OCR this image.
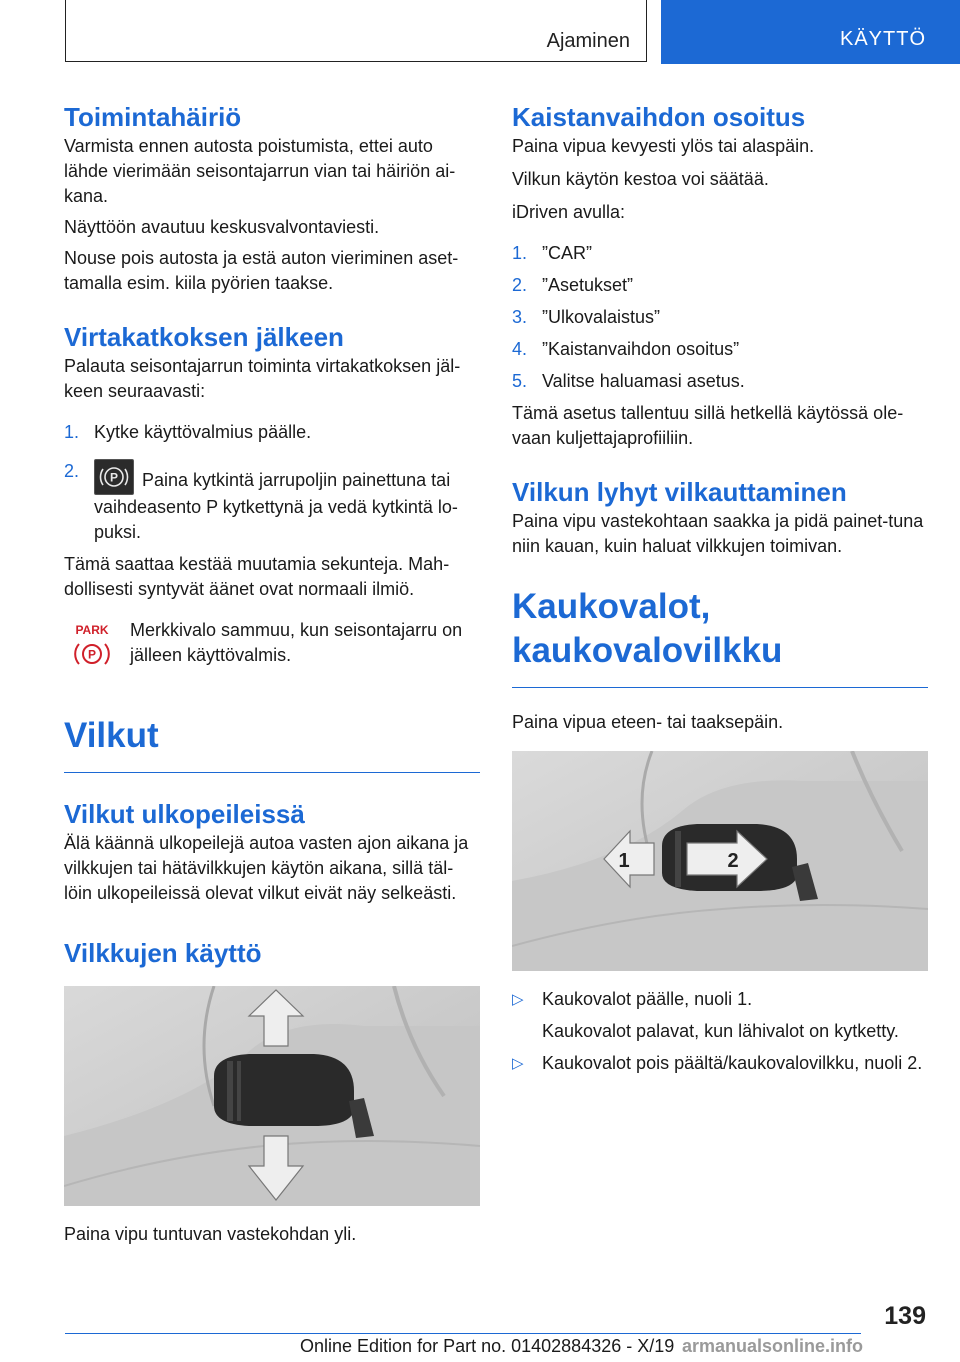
Ajaminen	KÄYTTÖ
Toimintahäiriö

Varmista ennen autosta poistumista, ettei auto lähde vierimään seisontajarrun vian tai häiriön ai-kana.

Näyttöön avautuu keskusvalvontaviesti.

Nouse pois autosta ja estä auton vieriminen aset-tamalla esim. kiila pyörien taakse.

Virtakatkoksen jälkeen

Palauta seisontajarrun toiminta virtakatkoksen jäl-keen seuraavasti:

1. Kytke käyttövalmius päälle.
2.	P Paina kytkintä jarrupoljin painettuna tai vaihdeasento P kytkettynä ja vedä kytkintä lo-puksi.

Tämä saattaa kestää muutamia sekunteja. Mah-dollisesti syntyvät äänet ovat normaali ilmiö.

PARK
P

Merkkivalo sammuu, kun seisontajarru on jälleen käyttövalmis.

Vilkut
Vilkut ulkopeileissä

Älä käännä ulkopeilejä autoa vasten ajon aikana ja vilkkujen tai hätävilkkujen käytön aikana, sillä täl-löin ulkopeileissä olevat vilkut eivät näy selkeästi.

Vilkkujen käyttö

Paina vipu tuntuvan vastekohdan yli.

Kaistanvaihdon osoitus

Paina vipua kevyesti ylös tai alaspäin.

Vilkun käytön kestoa voi säätää.

iDriven avulla:

1. ”CAR”
2. ”Asetukset”
3. ”Ulkovalaistus”
4. ”Kaistanvaihdon osoitus”
5. Valitse haluamasi asetus.

Tämä asetus tallentuu sillä hetkellä käytössä ole-vaan kuljettajaprofiiliin.

Vilkun lyhyt vilkauttaminen

Paina vipu vastekohtaan saakka ja pidä painet-tuna niin kauan, kuin haluat vilkkujen toimivan.

Kaukovalot, kaukovalovilkku

Paina vipua eteen- tai taaksepäin.

1	2
▷ Kaukovalot päälle, nuoli 1.
Kaukovalot palavat, kun lähivalot on kytketty.
▷ Kaukovalot pois päältä/kaukovalovilkku, nuoli 2.
139
Online Edition for Part no. 01402884326 - X/19 armanualsonline.info
